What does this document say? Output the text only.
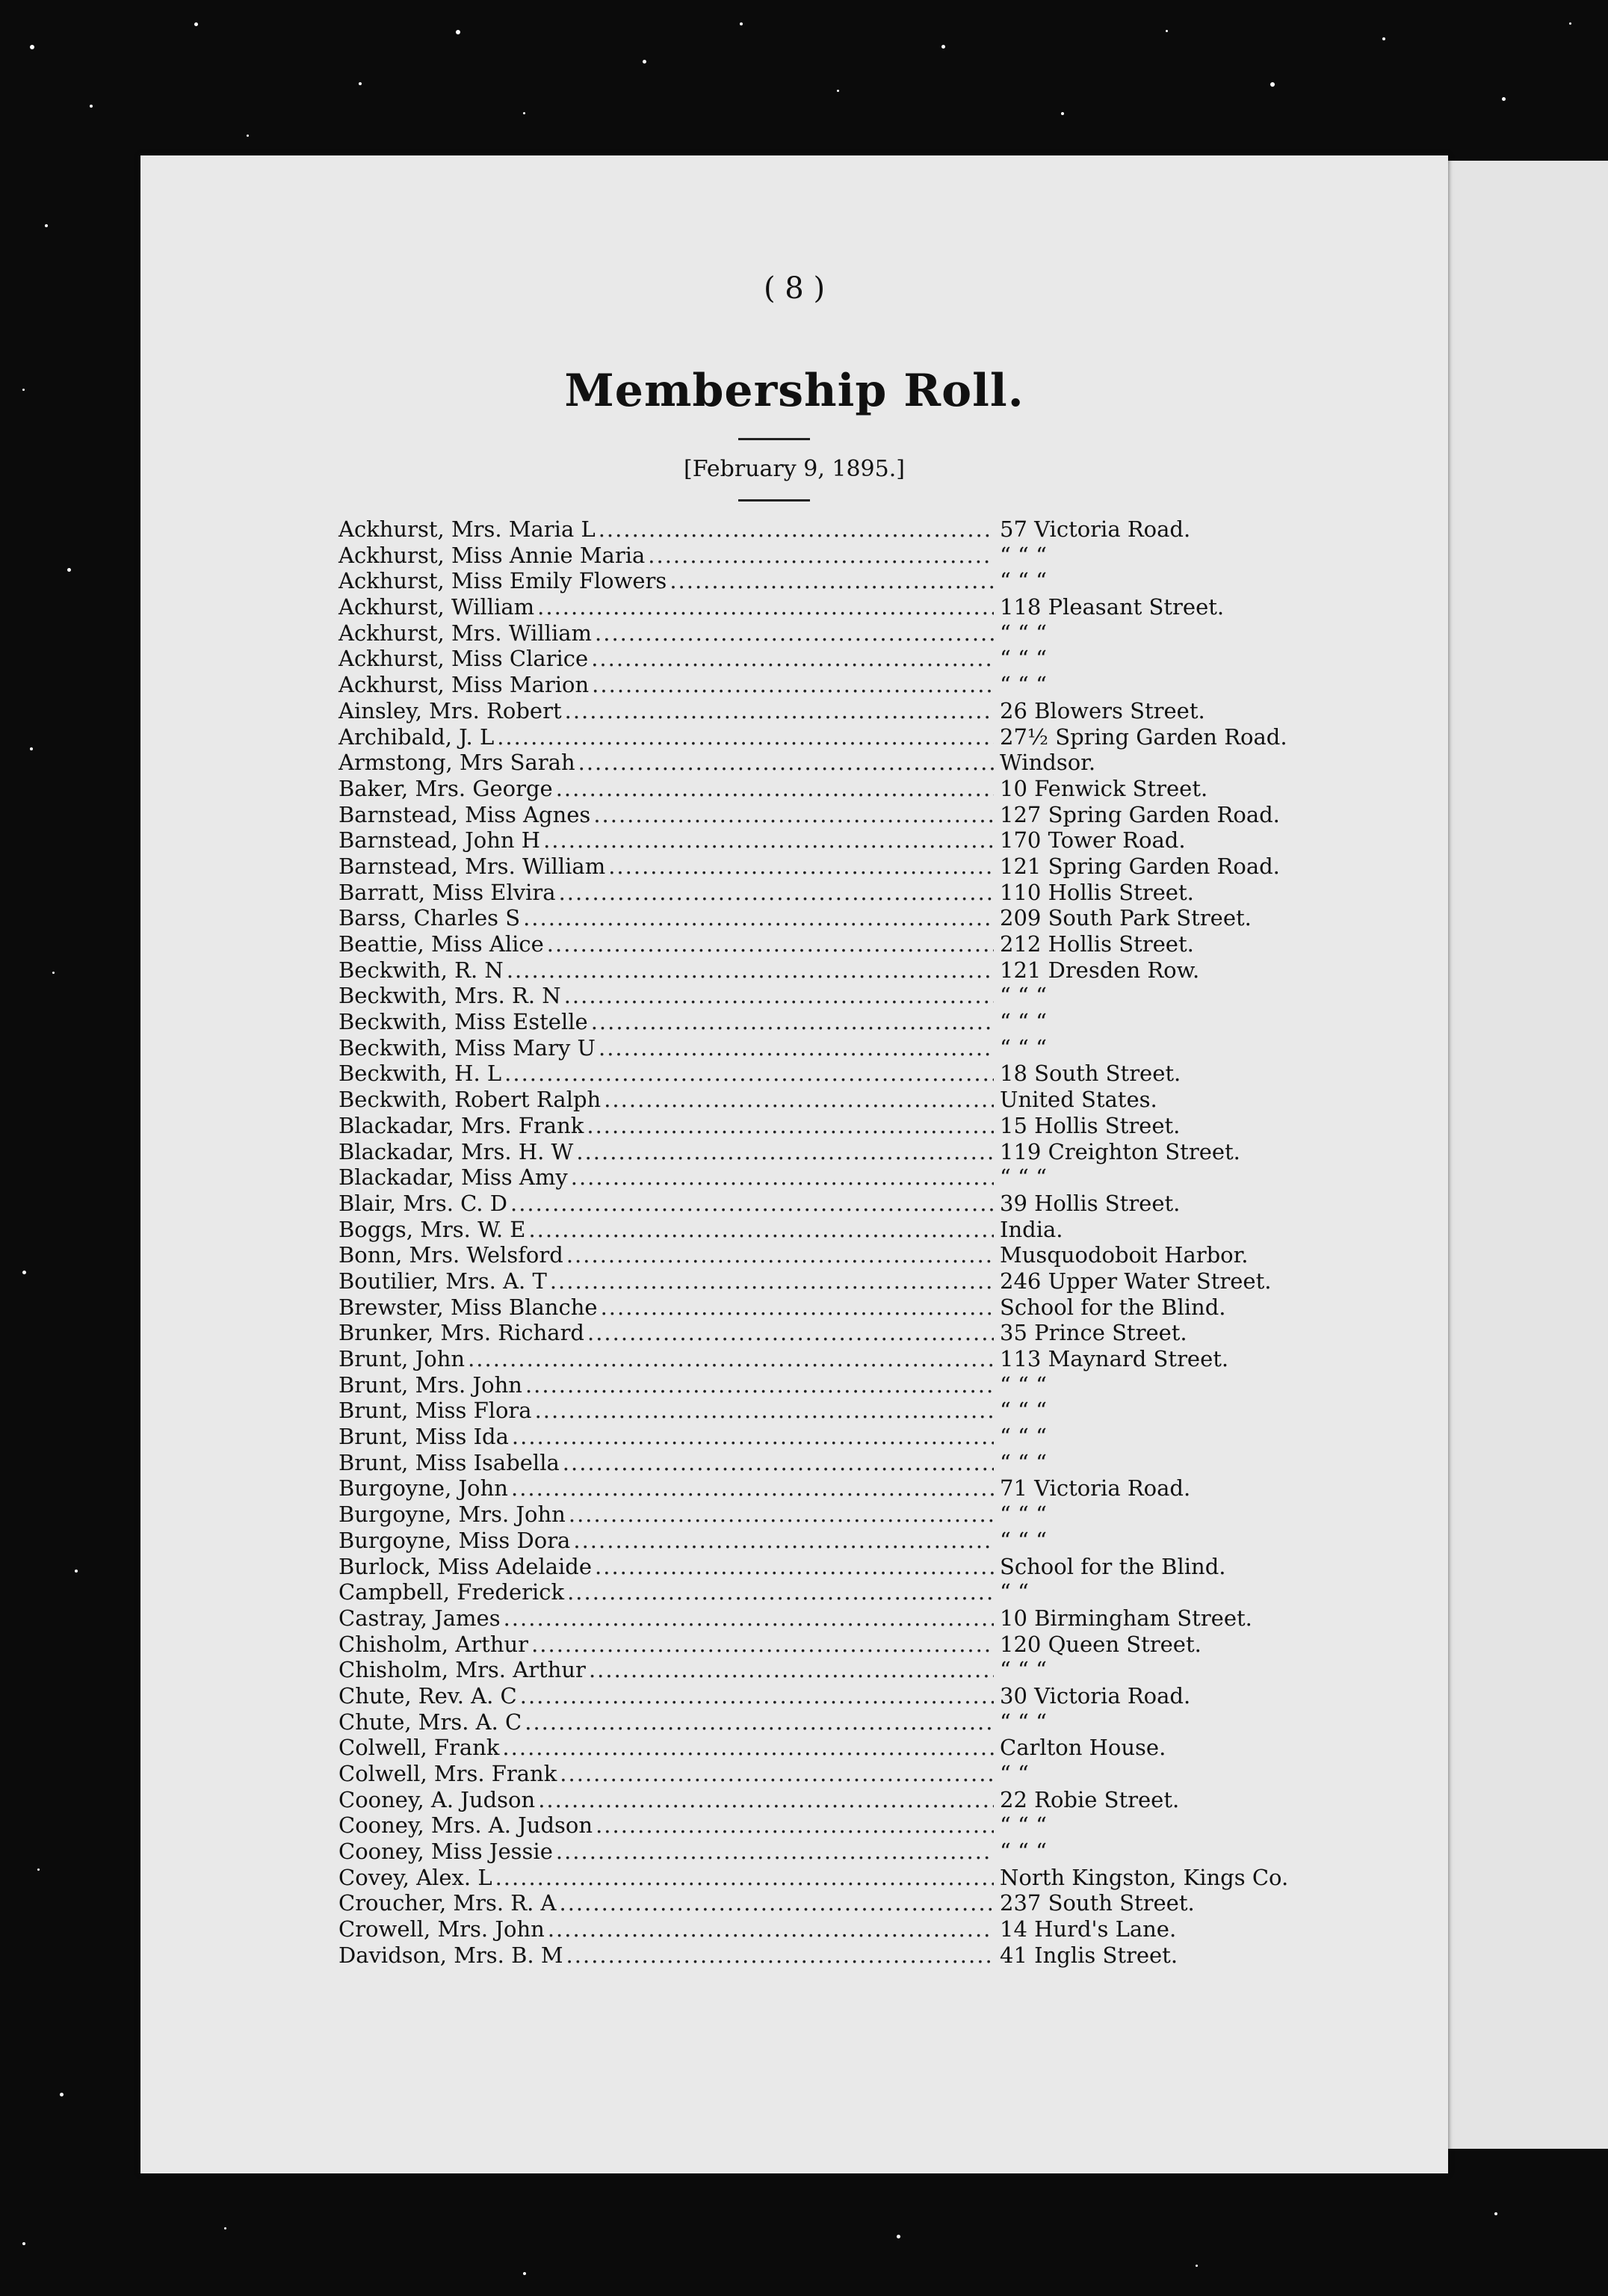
( 8 )
Membership Roll.
[February 9, 1895.]
Ackhurst, Mrs. Maria L .....	57 Victoria Road.
Ackhurst, Miss Annie Maria .....	“ “ “
Ackhurst, Miss Emily Flowers .....	“ “ “
Ackhurst, William .....	118 Pleasant Street.
Ackhurst, Mrs. William .....	“ “ “
Ackhurst, Miss Clarice .....	“ “ “
Ackhurst, Miss Marion .....	“ “ “
Ainsley, Mrs. Robert .....	26 Blowers Street.
Archibald, J. L .....	27½ Spring Garden Road.
Armstong, Mrs Sarah .....	Windsor.
Baker, Mrs. George .....	10 Fenwick Street.
Barnstead, Miss Agnes .....	127 Spring Garden Road.
Barnstead, John H .....	170 Tower Road.
Barnstead, Mrs. William .....	121 Spring Garden Road.
Barratt, Miss Elvira .....	110 Hollis Street.
Barss, Charles S .....	209 South Park Street.
Beattie, Miss Alice .....	212 Hollis Street.
Beckwith, R. N .....	121 Dresden Row.
Beckwith, Mrs. R. N .....	“ “ “
Beckwith, Miss Estelle .....	“ “ “
Beckwith, Miss Mary U .....	“ “ “
Beckwith, H. L .....	18 South Street.
Beckwith, Robert Ralph .....	United States.
Blackadar, Mrs. Frank .....	15 Hollis Street.
Blackadar, Mrs. H. W .....	119 Creighton Street.
Blackadar, Miss Amy .....	“ “ “
Blair, Mrs. C. D .....	39 Hollis Street.
Boggs, Mrs. W. E .....	India.
Bonn, Mrs. Welsford .....	Musquodoboit Harbor.
Boutilier, Mrs. A. T .....	246 Upper Water Street.
Brewster, Miss Blanche .....	School for the Blind.
Brunker, Mrs. Richard .....	35 Prince Street.
Brunt, John .....	113 Maynard Street.
Brunt, Mrs. John .....	“ “ “
Brunt, Miss Flora .....	“ “ “
Brunt, Miss Ida .....	“ “ “
Brunt, Miss Isabella .....	“ “ “
Burgoyne, John .....	71 Victoria Road.
Burgoyne, Mrs. John .....	“ “ “
Burgoyne, Miss Dora .....	“ “ “
Burlock, Miss Adelaide .....	School for the Blind.
Campbell, Frederick .....	“ “
Castray, James .....	10 Birmingham Street.
Chisholm, Arthur .....	120 Queen Street.
Chisholm, Mrs. Arthur .....	“ “ “
Chute, Rev. A. C .....	30 Victoria Road.
Chute, Mrs. A. C .....	“ “ “
Colwell, Frank .....	Carlton House.
Colwell, Mrs. Frank .....	“ “
Cooney, A. Judson .....	22 Robie Street.
Cooney, Mrs. A. Judson .....	“ “ “
Cooney, Miss Jessie .....	“ “ “
Covey, Alex. L .....	North Kingston, Kings Co.
Croucher, Mrs. R. A .....	237 South Street.
Crowell, Mrs. John .....	14 Hurd's Lane.
Davidson, Mrs. B. M .....	41 Inglis Street.
